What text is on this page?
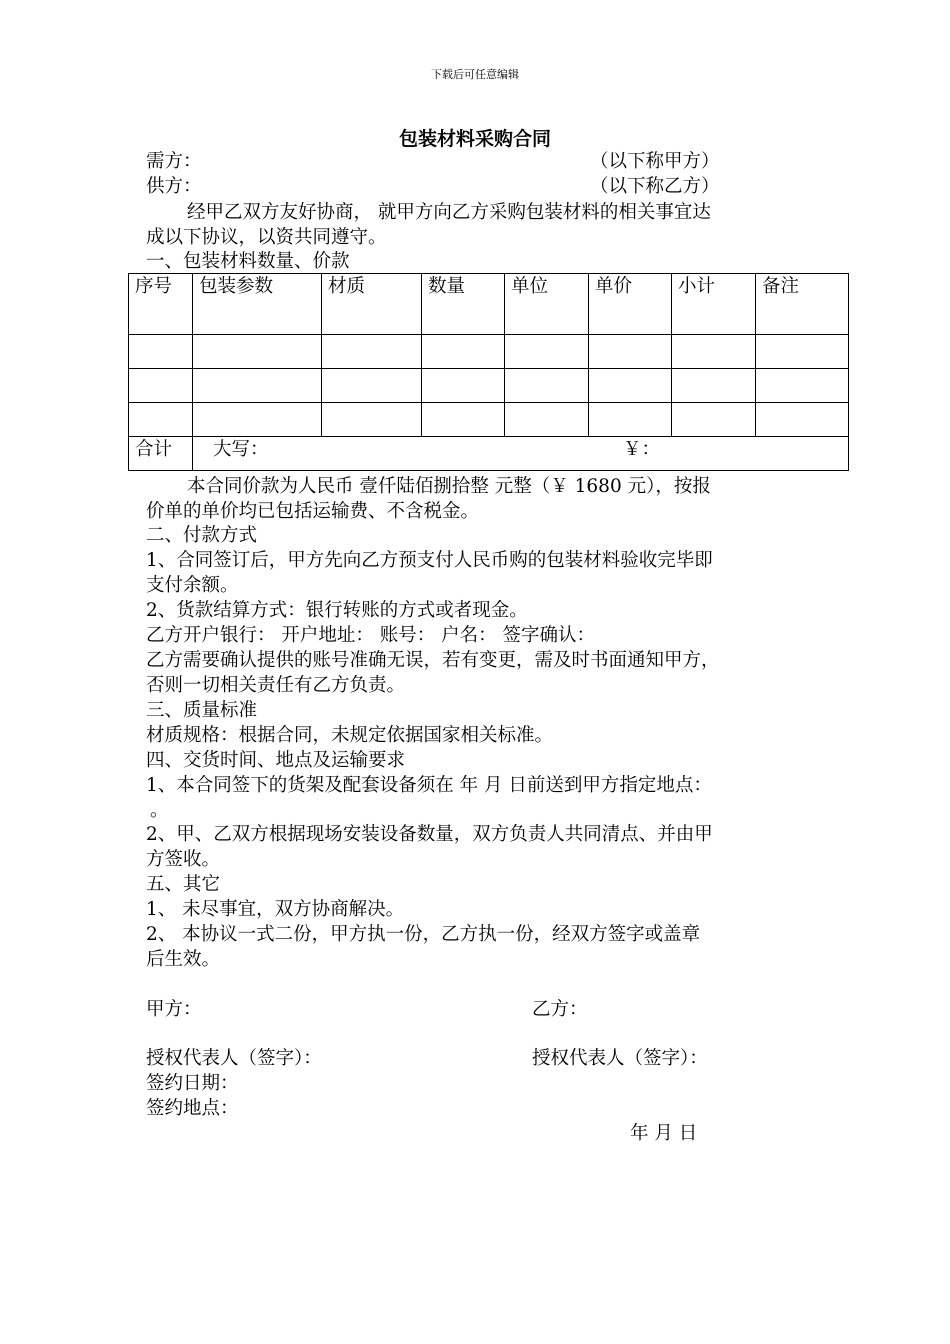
下载后可任意编辑
包装材料采购合同
需方：	（以下称甲方）
供方：	（以下称乙方）
经甲乙双方友好协商， 就甲方向乙方采购包装材料的相关事宜达
成以下协议，以资共同遵守。
一、包装材料数量、价款
序号	包装参数	材质	数量	单位	单价	小计	备注

合计	大写： ￥：						
本合同价款为人民币 壹仟陆佰捌拾整 元整（￥ 1680 元），按报
价单的单价均已包括运输费、不含税金。
二、付款方式
1、合同签订后，甲方先向乙方预支付人民币购的包装材料验收完毕即
支付余额。
2、货款结算方式：银行转账的方式或者现金。
乙方开户银行： 开户地址： 账号： 户名： 签字确认：
乙方需要确认提供的账号准确无误，若有变更，需及时书面通知甲方，
否则一切相关责任有乙方负责。
三、质量标准
材质规格：根据合同，未规定依据国家相关标准。
四、交货时间、地点及运输要求
1、本合同签下的货架及配套设备须在 年 月 日前送到甲方指定地点：
。
2、甲、乙双方根据现场安装设备数量，双方负责人共同清点、并由甲
方签收。
五、其它
1、 未尽事宜，双方协商解决。
2、 本协议一式二份，甲方执一份，乙方执一份，经双方签字或盖章
后生效。
甲方：	乙方：
授权代表人（签字）：	授权代表人（签字）：
签约日期：
签约地点：
年 月 日
